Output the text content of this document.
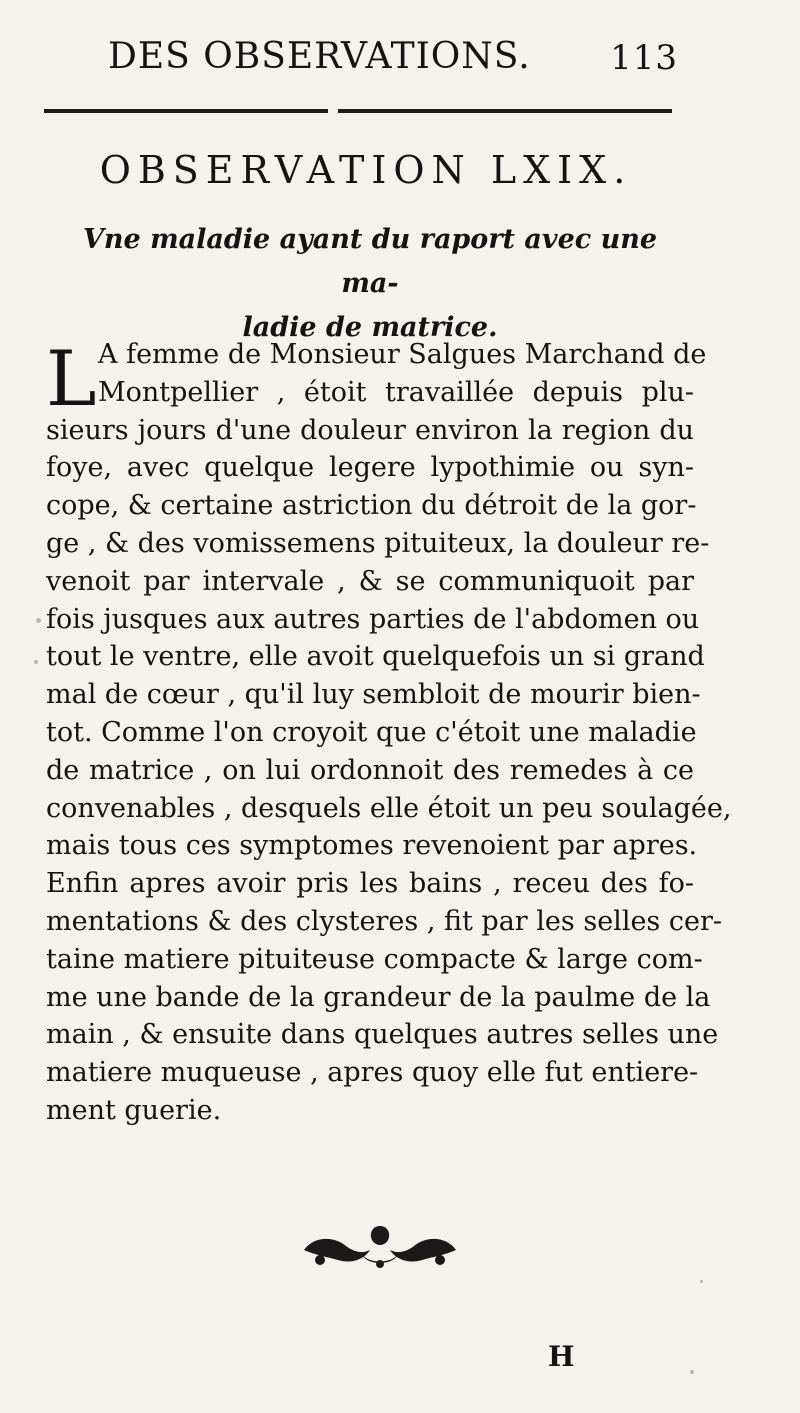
DES OBSERVATIONS. 113
OBSERVATION LXIX.
Vne maladie ayant du raport avec une ma-
ladie de matrice.
L A femme de Monsieur Salgues Marchand de
Montpellier , étoit travaillée depuis plu-
sieurs jours d'une douleur environ la region du
foye, avec quelque legere lypothimie ou syn-
cope, & certaine astriction du détroit de la gor-
ge , & des vomissemens pituiteux, la douleur re-
venoit par intervale , & se communiquoit par
fois jusques aux autres parties de l'abdomen ou
tout le ventre, elle avoit quelquefois un si grand
mal de cœur , qu'il luy sembloit de mourir bien-
tot. Comme l'on croyoit que c'étoit une maladie
de matrice , on lui ordonnoit des remedes à ce
convenables , desquels elle étoit un peu soulagée,
mais tous ces symptomes revenoient par apres.
Enfin apres avoir pris les bains , receu des fo-
mentations & des clysteres , fit par les selles cer-
taine matiere pituiteuse compacte & large com-
me une bande de la grandeur de la paulme de la
main , & ensuite dans quelques autres selles une
matiere muqueuse , apres quoy elle fut entiere-
ment guerie.
H
